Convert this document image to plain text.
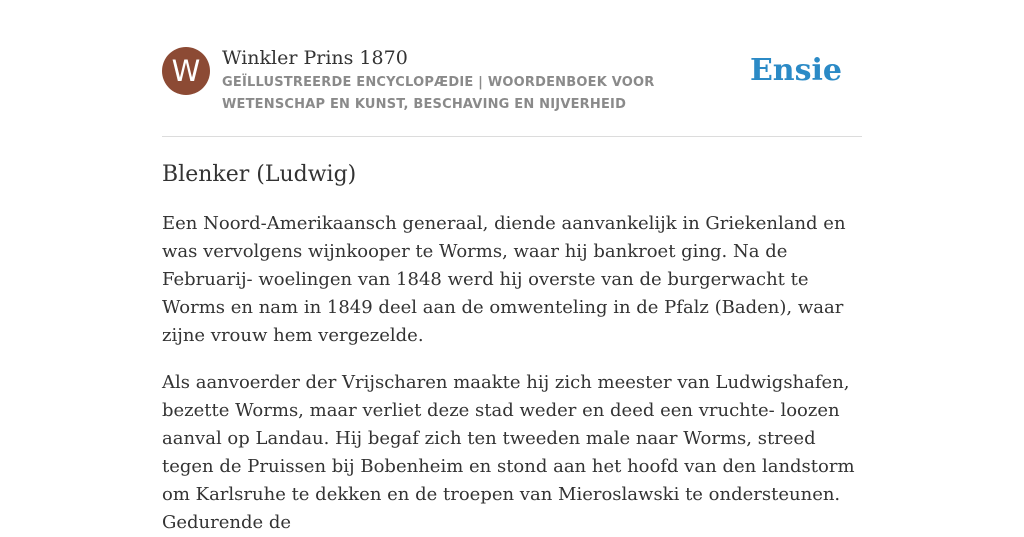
W	Winkler Prins 1870
GEÏLLUSTREERDE ENCYCLOPÆDIE | WOORDENBOEK VOOR WETENSCHAP EN KUNST, BESCHAVING EN NIJVERHEID
Ensie
Blenker (Ludwig)

Een Noord-Amerikaansch generaal, diende aanvankelijk in Griekenland en was vervolgens wijnkooper te Worms, waar hij bankroet ging. Na de Februarij- woelingen van 1848 werd hij overste van de burgerwacht te Worms en nam in 1849 deel aan de omwenteling in de Pfalz (Baden), waar zijne vrouw hem vergezelde.

Als aanvoerder der Vrijscharen maakte hij zich meester van Ludwigshafen, bezette Worms, maar verliet deze stad weder en deed een vruchte- loozen aanval op Landau. Hij begaf zich ten tweeden male naar Worms, streed tegen de Pruissen bij Bobenheim en stond aan het hoofd van den landstorm om Karlsruhe te dekken en de troepen van Mieroslawski te ondersteunen. Gedurende de
